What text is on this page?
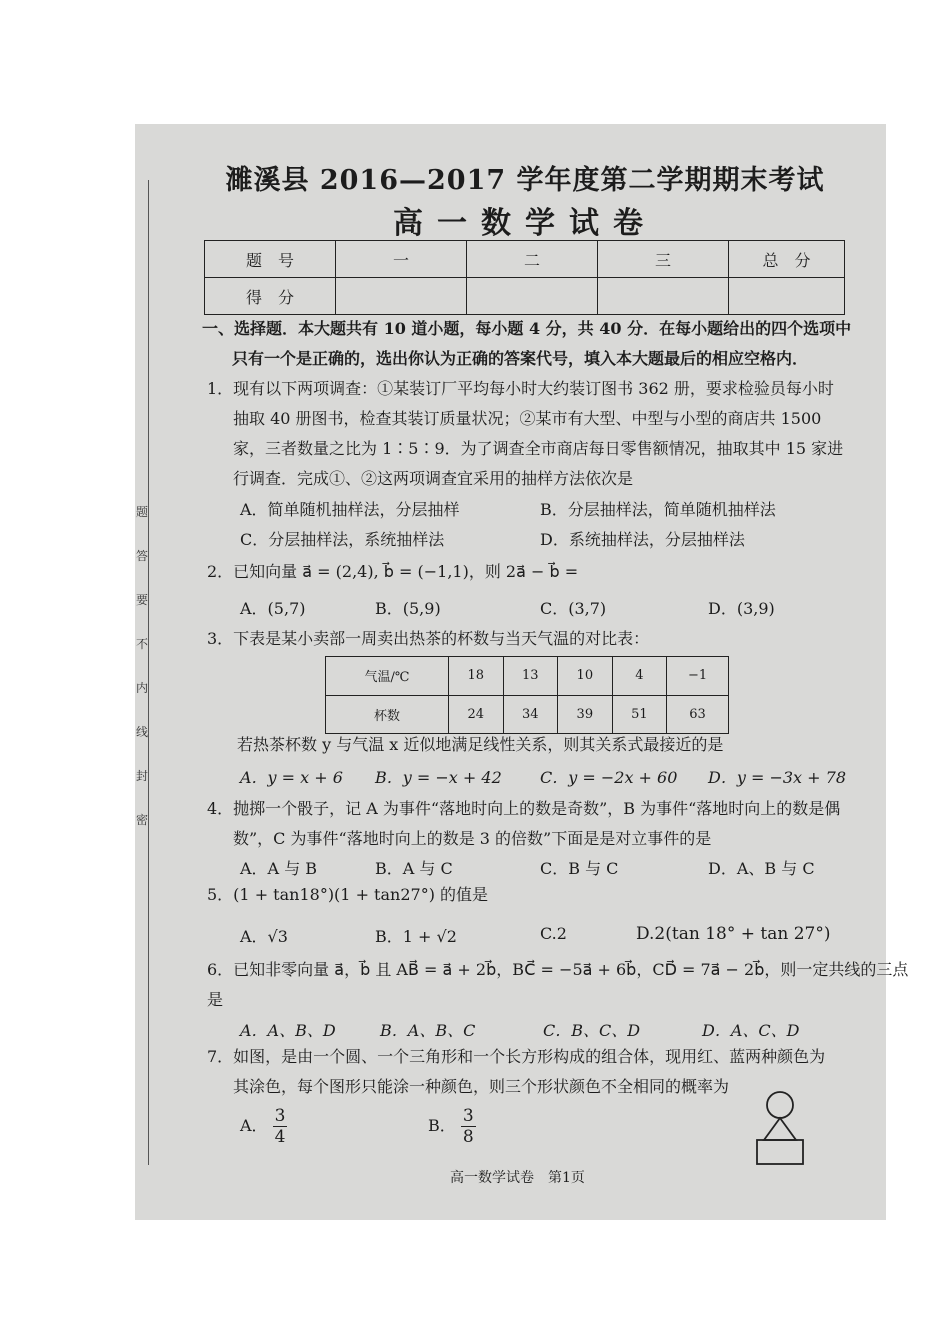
题
答
要
不
内
线
封
密
濉溪县 2016—2017 学年度第二学期期末考试
高一数学试卷
题　号	一	二	三	总　分
得　分				
一、选择题．本大题共有 10 道小题，每小题 4 分，共 40 分．在每小题给出的四个选项中
只有一个是正确的，选出你认为正确的答案代号，填入本大题最后的相应空格内．
1．现有以下两项调查：①某装订厂平均每小时大约装订图书 362 册，要求检验员每小时
抽取 40 册图书，检查其装订质量状况；②某市有大型、中型与小型的商店共 1500
家，三者数量之比为 1∶5∶9．为了调查全市商店每日零售额情况，抽取其中 15 家进
行调查．完成①、②这两项调查宜采用的抽样方法依次是
A．简单随机抽样法，分层抽样	B．分层抽样法，简单随机抽样法
C．分层抽样法，系统抽样法	D．系统抽样法，分层抽样法
2．已知向量 a⃗ = (2,4), b⃗ = (−1,1)，则 2a⃗ − b⃗ =
A．(5,7)	B．(5,9)	C．(3,7)	D．(3,9)
3．下表是某小卖部一周卖出热茶的杯数与当天气温的对比表：
气温/℃	18	13	10	4	−1
杯数	24	34	39	51	63
若热茶杯数 y 与气温 x 近似地满足线性关系，则其关系式最接近的是
A．y = x + 6 B．y = −x + 42 C．y = −2x + 60 D．y = −3x + 78
4．抛掷一个骰子，记 A 为事件“落地时向上的数是奇数”，B 为事件“落地时向上的数是偶
数”，C 为事件“落地时向上的数是 3 的倍数”下面是是对立事件的是
A．A 与 B	B．A 与 C	C．B 与 C	D．A、B 与 C
5．(1 + tan18°)(1 + tan27°) 的值是
A．√3	B．1 + √2	C.2	D.2(tan 18° + tan 27°)
6．已知非零向量 a⃗，b⃗ 且 AB⃗ = a⃗ + 2b⃗，BC⃗ = −5a⃗ + 6b⃗，CD⃗ = 7a⃗ − 2b⃗，则一定共线的三点
是
A．A、B、D	B．A、B、C	C．B、C、D	D．A、C、D
7．如图，是由一个圆、一个三角形和一个长方形构成的组合体，现用红、蓝两种颜色为
其涂色，每个图形只能涂一种颜色，则三个形状颜色不全相同的概率为
A． $\frac{3}{4}$	B． $\frac{3}{8}$
高一数学试卷　第1页
